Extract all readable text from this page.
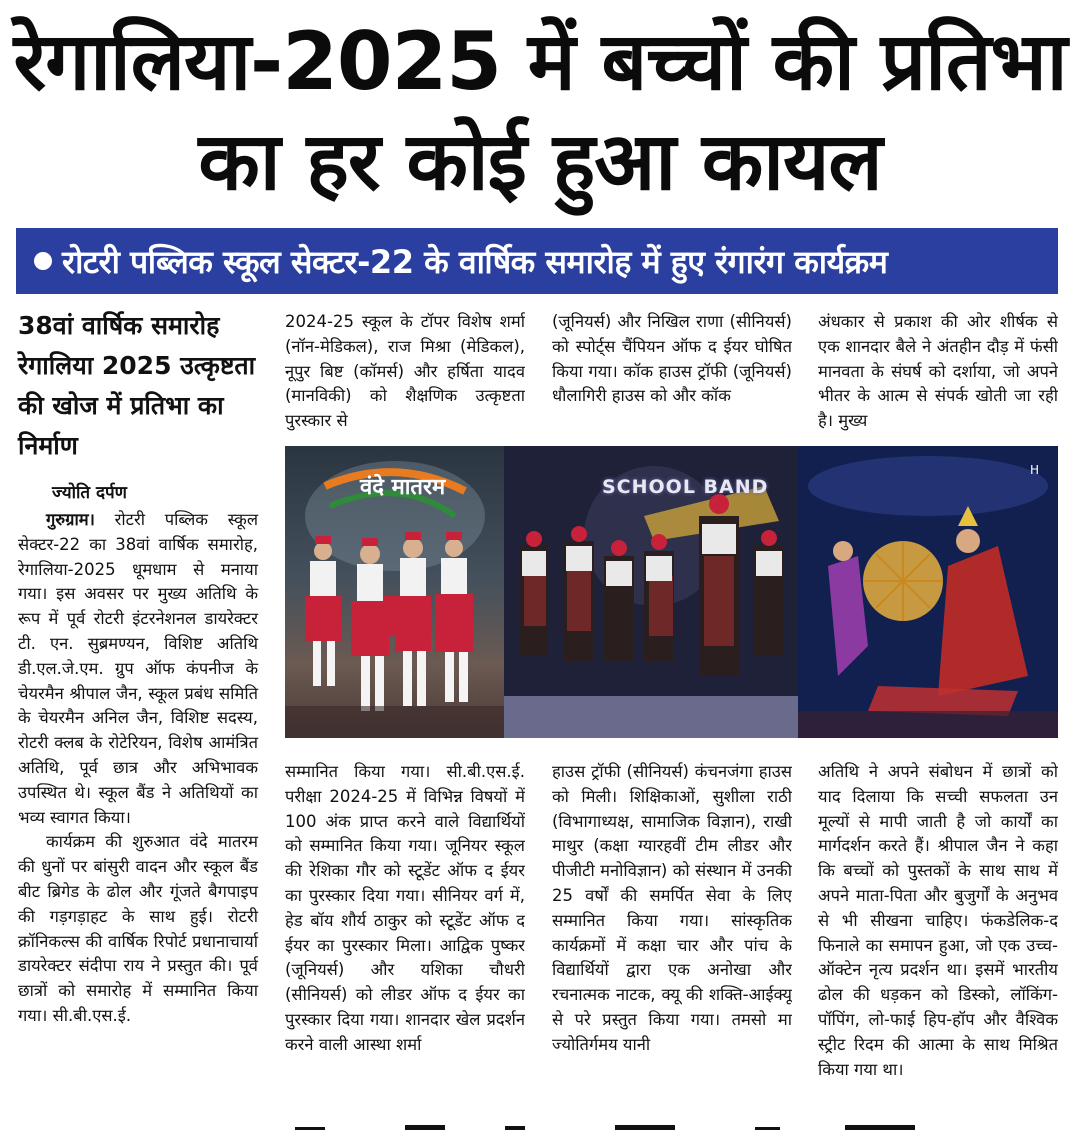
रेगालिया-2025 में बच्चों की प्रतिभा
का हर कोई हुआ कायल
रोटरी पब्लिक स्कूल सेक्टर-22 के वार्षिक समारोह में हुए रंगारंग कार्यक्रम
38वां वार्षिक समारोह रेगालिया 2025 उत्कृष्टता की खोज में प्रतिभा का निर्माण
ज्योति दर्पण

गुरुग्राम। रोटरी पब्लिक स्कूल सेक्टर-22 का 38वां वार्षिक समारोह, रेगालिया-2025 धूमधाम से मनाया गया। इस अवसर पर मुख्य अतिथि के रूप में पूर्व रोटरी इंटरनेशनल डायरेक्टर टी. एन. सुब्रमण्यन, विशिष्ट अतिथि डी.एल.जे.एम. ग्रुप ऑफ कंपनीज के चेयरमैन श्रीपाल जैन, स्कूल प्रबंध समिति के चेयरमैन अनिल जैन, विशिष्ट सदस्य, रोटरी क्लब के रोटेरियन, विशेष आमंत्रित अतिथि, पूर्व छात्र और अभिभावक उपस्थित थे। स्कूल बैंड ने अतिथियों का भव्य स्वागत किया।

कार्यक्रम की शुरुआत वंदे मातरम की धुनों पर बांसुरी वादन और स्कूल बैंड बीट ब्रिगेड के ढोल और गूंजते बैगपाइप की गड़गड़ाहट के साथ हुई। रोटरी क्रॉनिकल्स की वार्षिक रिपोर्ट प्रधानाचार्या डायरेक्टर संदीपा राय ने प्रस्तुत की। पूर्व छात्रों को समारोह में सम्मानित किया गया। सी.बी.एस.ई.

2024-25 स्कूल के टॉपर विशेष शर्मा (नॉन-मेडिकल), राज मिश्रा (मेडिकल), नूपुर बिष्ट (कॉमर्स) और हर्षिता यादव (मानविकी) को शैक्षणिक उत्कृष्टता पुरस्कार से

(जूनियर्स) और निखिल राणा (सीनियर्स) को स्पोर्ट्स चैंपियन ऑफ द ईयर घोषित किया गया। कॉक हाउस ट्रॉफी (जूनियर्स) धौलागिरी हाउस को और कॉक

अंधकार से प्रकाश की ओर शीर्षक से एक शानदार बैले ने अंतहीन दौड़ में फंसी मानवता के संघर्ष को दर्शाया, जो अपने भीतर के आत्म से संपर्क खोती जा रही है। मुख्य

वंदे मातरम	SCHOOL BAND
H

सम्मानित किया गया। सी.बी.एस.ई. परीक्षा 2024-25 में विभिन्न विषयों में 100 अंक प्राप्त करने वाले विद्यार्थियों को सम्मानित किया गया। जूनियर स्कूल की रेशिका गौर को स्टूडेंट ऑफ द ईयर का पुरस्कार दिया गया। सीनियर वर्ग में, हेड बॉय शौर्य ठाकुर को स्टूडेंट ऑफ द ईयर का पुरस्कार मिला। आद्विक पुष्कर (जूनियर्स) और यशिका चौधरी (सीनियर्स) को लीडर ऑफ द ईयर का पुरस्कार दिया गया। शानदार खेल प्रदर्शन करने वाली आस्था शर्मा

हाउस ट्रॉफी (सीनियर्स) कंचनजंगा हाउस को मिली। शिक्षिकाओं, सुशीला राठी (विभागाध्यक्ष, सामाजिक विज्ञान), राखी माथुर (कक्षा ग्यारहवीं टीम लीडर और पीजीटी मनोविज्ञान) को संस्थान में उनकी 25 वर्षों की समर्पित सेवा के लिए सम्मानित किया गया। सांस्कृतिक कार्यक्रमों में कक्षा चार और पांच के विद्यार्थियों द्वारा एक अनोखा और रचनात्मक नाटक, क्यू की शक्ति-आईक्यू से परे प्रस्तुत किया गया। तमसो मा ज्योतिर्गमय यानी

अतिथि ने अपने संबोधन में छात्रों को याद दिलाया कि सच्ची सफलता उन मूल्यों से मापी जाती है जो कार्यों का मार्गदर्शन करते हैं। श्रीपाल जैन ने कहा कि बच्चों को पुस्तकों के साथ साथ में अपने माता-पिता और बुजुर्गों के अनुभव से भी सीखना चाहिए। फंकडेलिक-द फिनाले का समापन हुआ, जो एक उच्च-ऑक्टेन नृत्य प्रदर्शन था। इसमें भारतीय ढोल की धड़कन को डिस्को, लॉकिंग-पॉपिंग, लो-फाई हिप-हॉप और वैश्विक स्ट्रीट रिदम की आत्मा के साथ मिश्रित किया गया था।
